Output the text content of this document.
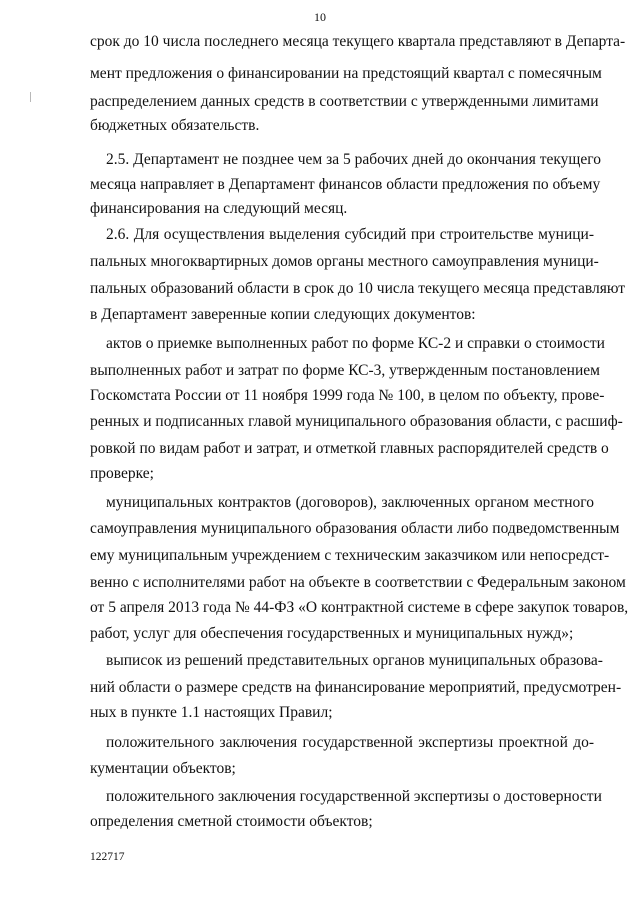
10
срок до 10 числа последнего месяца текущего квартала представляют в Департа-
мент предложения о финансировании на предстоящий квартал с помесячным
распределением данных средств в соответствии с утвержденными лимитами
бюджетных обязательств.
2.5. Департамент не позднее чем за 5 рабочих дней до окончания текущего
месяца направляет в Департамент финансов области предложения по объему
финансирования на следующий месяц.
2.6. Для осуществления выделения субсидий при строительстве муници-
пальных многоквартирных домов органы местного самоуправления муници-
пальных образований области в срок до 10 числа текущего месяца представляют
в Департамент заверенные копии следующих документов:
актов о приемке выполненных работ по форме КС-2 и справки о стоимости
выполненных работ и затрат по форме КС-3, утвержденным постановлением
Госкомстата России от 11 ноября 1999 года № 100, в целом по объекту, прове-
ренных и подписанных главой муниципального образования области, с расшиф-
ровкой по видам работ и затрат, и отметкой главных распорядителей средств о
проверке;
муниципальных контрактов (договоров), заключенных органом местного
самоуправления муниципального образования области либо подведомственным
ему муниципальным учреждением с техническим заказчиком или непосредст-
венно с исполнителями работ на объекте в соответствии с Федеральным законом
от 5 апреля 2013 года № 44-ФЗ «О контрактной системе в сфере закупок товаров,
работ, услуг для обеспечения государственных и муниципальных нужд»;
выписок из решений представительных органов муниципальных образова-
ний области о размере средств на финансирование мероприятий, предусмотрен-
ных в пункте 1.1 настоящих Правил;
положительного заключения государственной экспертизы проектной до-
кументации объектов;
положительного заключения государственной экспертизы о достоверности
определения сметной стоимости объектов;
122717
